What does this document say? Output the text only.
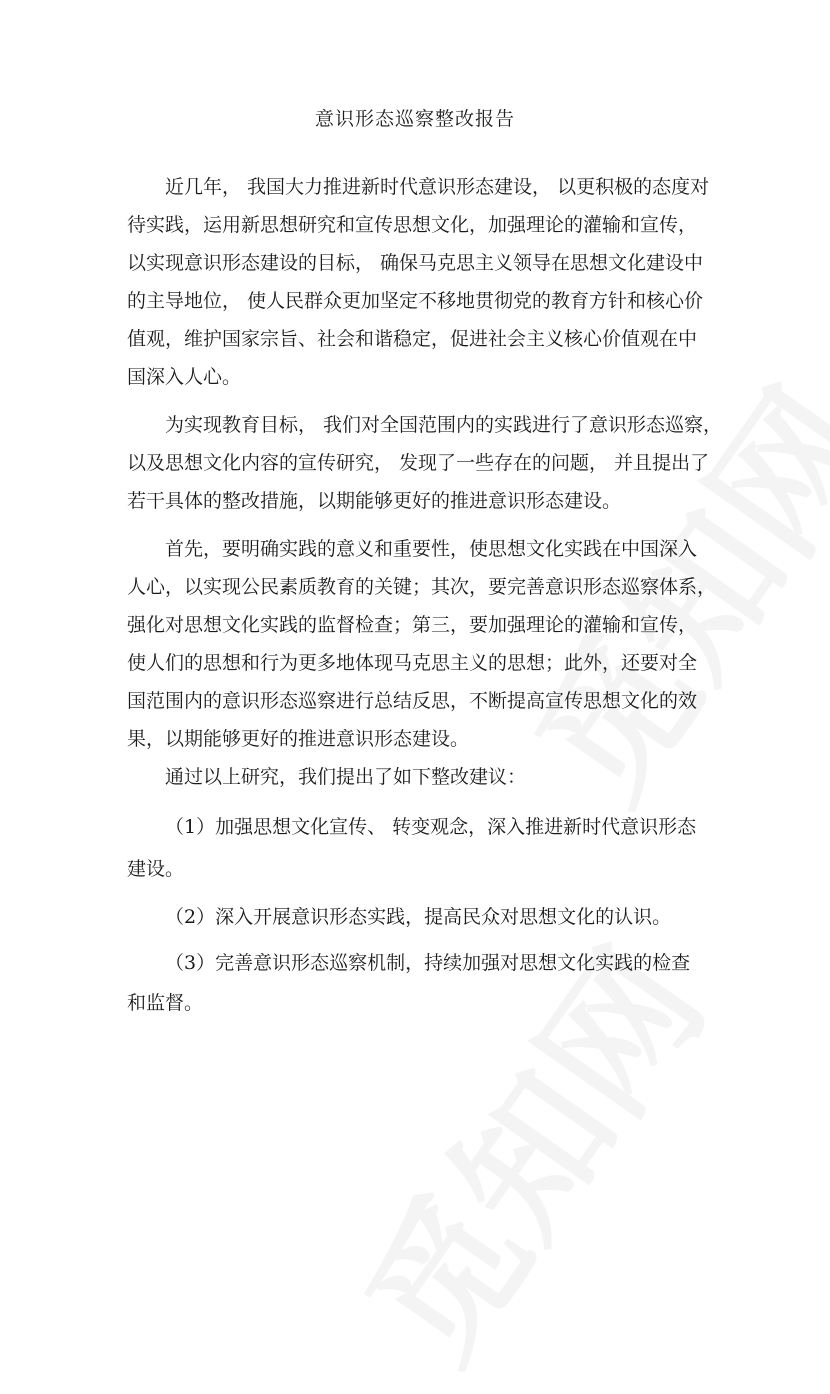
意识形态巡察整改报告
近几年， 我国大力推进新时代意识形态建设， 以更积极的态度对
待实践，运用新思想研究和宣传思想文化，加强理论的灌输和宣传，
以实现意识形态建设的目标， 确保马克思主义领导在思想文化建设中
的主导地位， 使人民群众更加坚定不移地贯彻党的教育方针和核心价
值观，维护国家宗旨、社会和谐稳定，促进社会主义核心价值观在中
国深入人心。
为实现教育目标， 我们对全国范围内的实践进行了意识形态巡察，
以及思想文化内容的宣传研究， 发现了一些存在的问题， 并且提出了
若干具体的整改措施，以期能够更好的推进意识形态建设。
首先，要明确实践的意义和重要性，使思想文化实践在中国深入
人心，以实现公民素质教育的关键；其次，要完善意识形态巡察体系，
强化对思想文化实践的监督检查；第三，要加强理论的灌输和宣传，
使人们的思想和行为更多地体现马克思主义的思想；此外，还要对全
国范围内的意识形态巡察进行总结反思，不断提高宣传思想文化的效
果，以期能够更好的推进意识形态建设。
通过以上研究，我们提出了如下整改建议：
（1）加强思想文化宣传、 转变观念，深入推进新时代意识形态
建设。
（2）深入开展意识形态实践，提高民众对思想文化的认识。
（3）完善意识形态巡察机制，持续加强对思想文化实践的检查
和监督。
